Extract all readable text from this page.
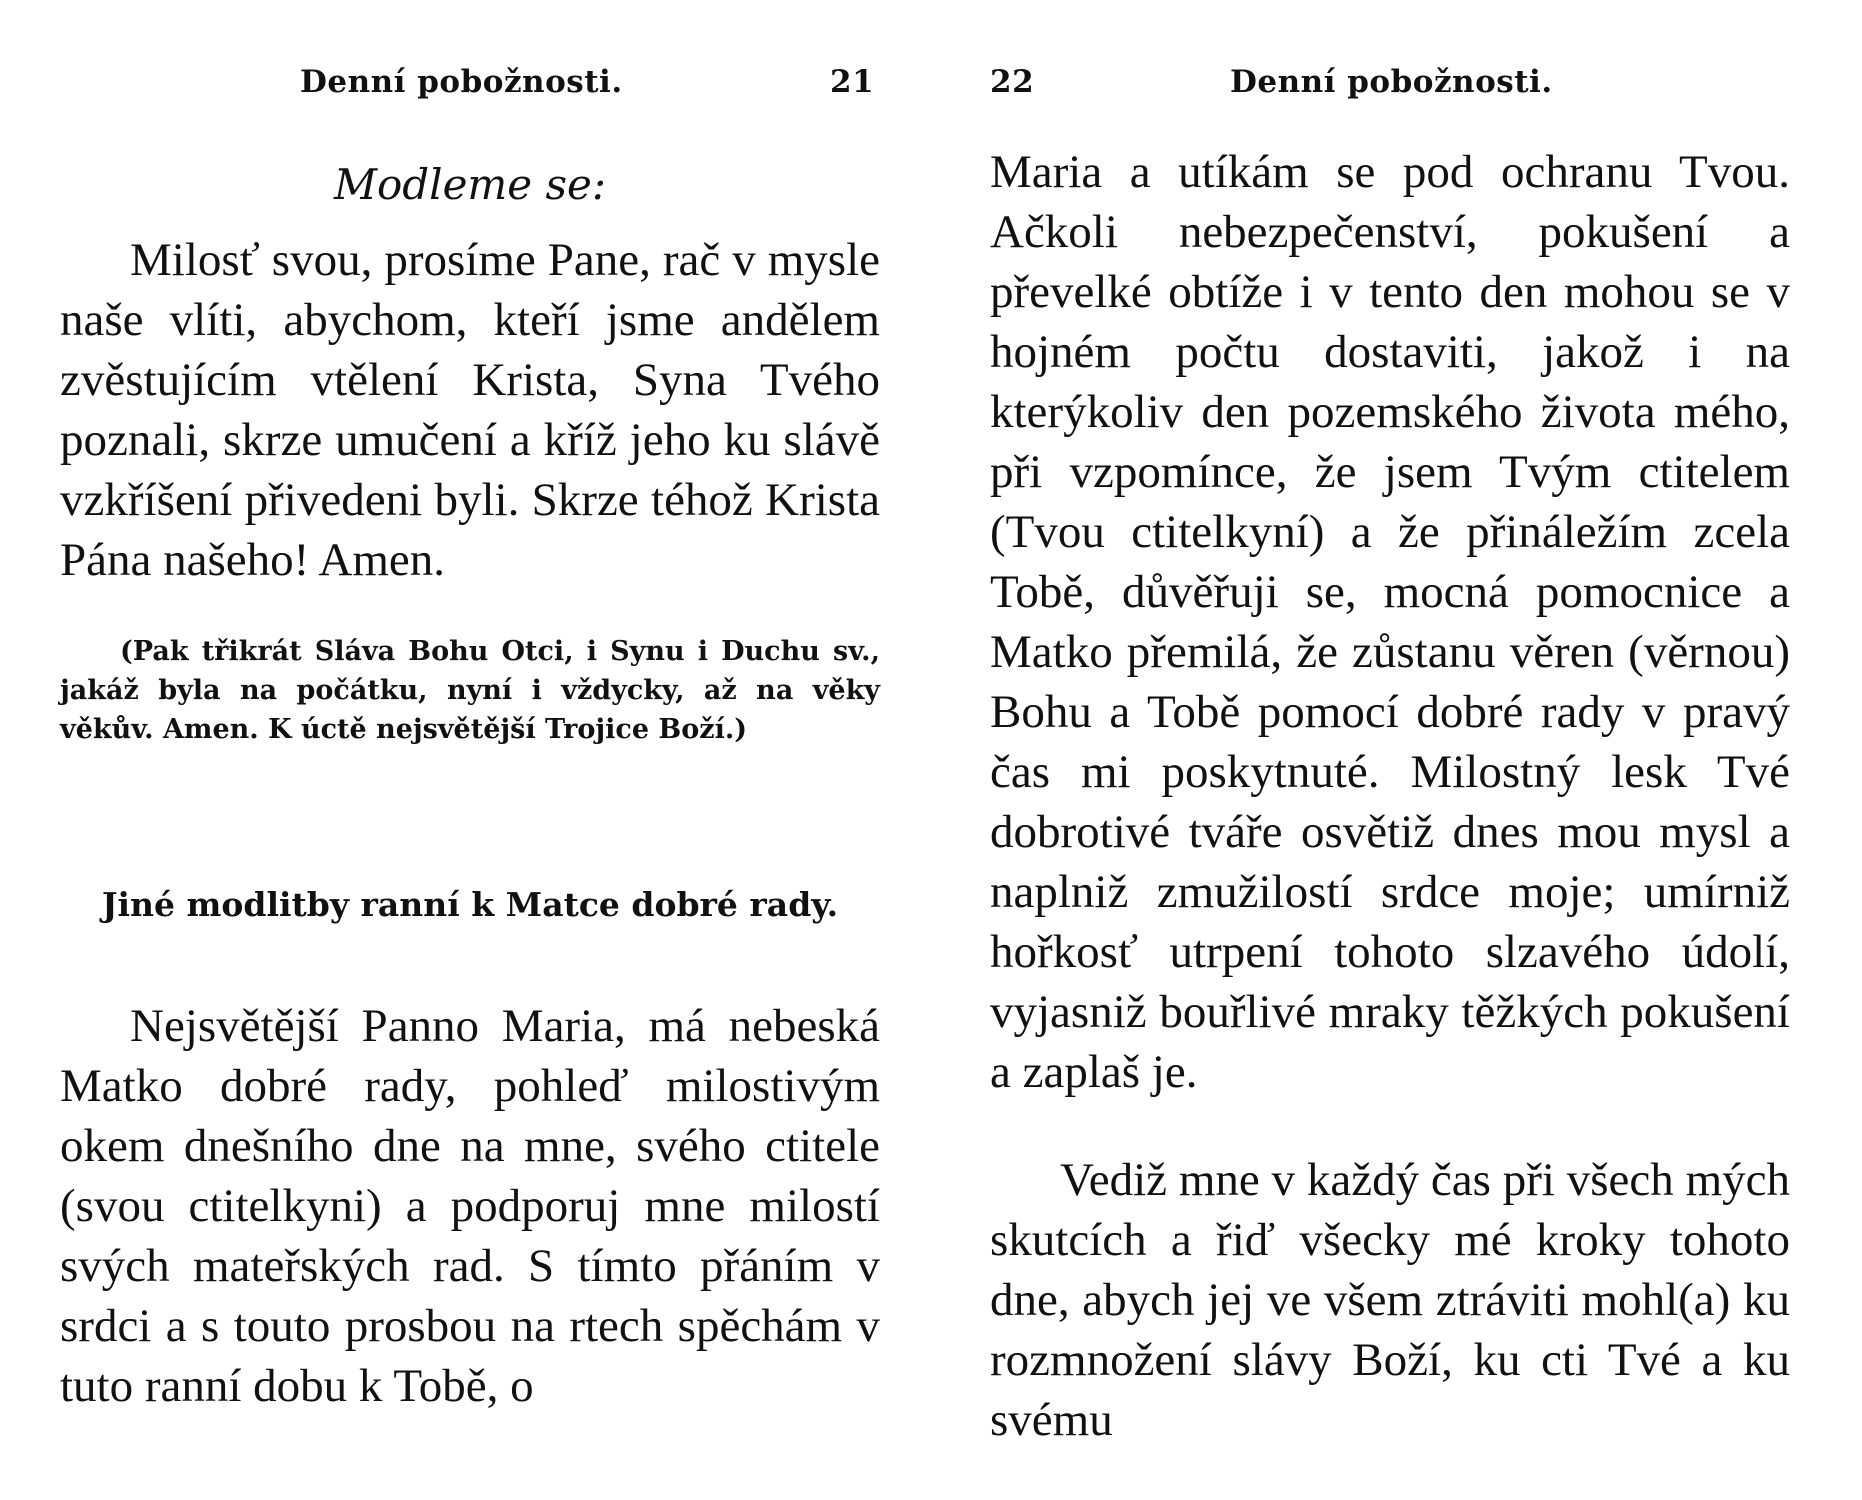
Denní pobožnosti.	21
Modleme se:

Milosť svou, prosíme Pane, rač v mysle naše vlíti, abychom, kteří jsme andělem zvěstujícím vtělení Krista, Syna Tvého poznali, skrze umučení a kříž jeho ku slávě vzkříšení přivedeni byli. Skrze téhož Krista Pána našeho! Amen.

(Pak třikrát Sláva Bohu Otci, i Synu i Duchu sv., jakáž byla na počátku, nyní i vždycky, až na věky věkův. Amen. K úctě nejsvětější Trojice Boží.)

Jiné modlitby ranní k Matce dobré rady.

Nejsvětější Panno Maria, má nebeská Matko dobré rady, pohleď milostivým okem dnešního dne na mne, svého ctitele (svou ctitelkyni) a podporuj mne milostí svých mateřských rad. S tímto přáním v srdci a s touto prosbou na rtech spěchám v tuto ranní dobu k Tobě, o

22	Denní pobožnosti.

Maria a utíkám se pod ochranu Tvou. Ačkoli nebezpečenství, pokušení a převelké obtíže i v tento den mohou se v hojném počtu dostaviti, jakož i na kterýkoliv den pozemského života mého, při vzpomínce, že jsem Tvým ctitelem (Tvou ctitelkyní) a že přináležím zcela Tobě, důvěřuji se, mocná pomocnice a Matko přemilá, že zůstanu věren (věrnou) Bohu a Tobě pomocí dobré rady v pravý čas mi poskytnuté. Milostný lesk Tvé dobrotivé tváře osvětiž dnes mou mysl a naplniž zmužilostí srdce moje; umírniž hořkosť utrpení tohoto slzavého údolí, vyjasniž bouřlivé mraky těžkých pokušení a zaplaš je.

Vediž mne v každý čas při všech mých skutcích a řiď všecky mé kroky tohoto dne, abych jej ve všem ztráviti mohl(a) ku rozmnožení slávy Boží, ku cti Tvé a ku svému
